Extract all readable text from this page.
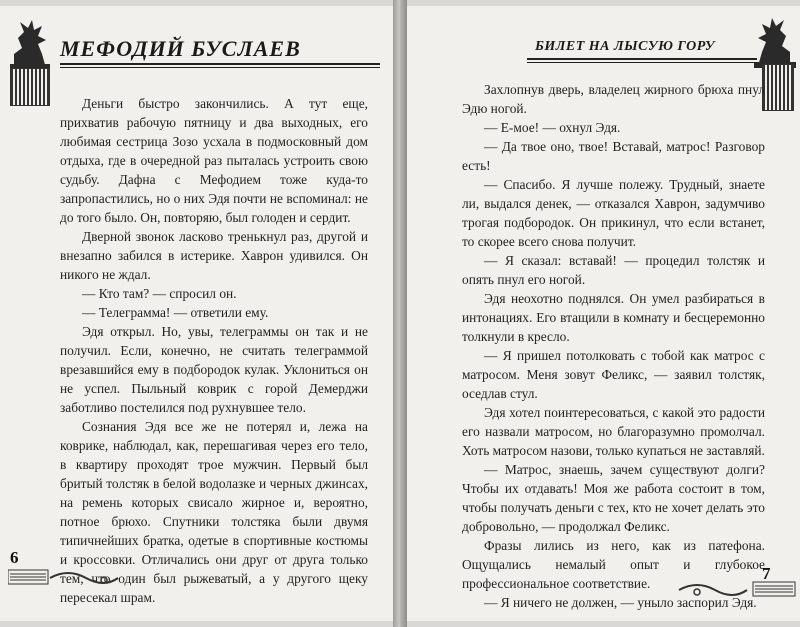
МЕФОДИЙ БУСЛАЕВ

Деньги быстро закончились. А тут еще, прихватив рабочую пятницу и два выходных, его любимая сестрица Зозо усхала в подмосковный дом отдыха, где в очередной раз пыталась устроить свою судьбу. Дафна с Мефодием тоже куда-то запропастились, но о них Эдя почти не вспоминал: не до того было. Он, повторяю, был голоден и сердит.

Дверной звонок ласково тренькнул раз, другой и внезапно забился в истерике. Хаврон удивился. Он никого не ждал.

— Кто там? — спросил он.

— Телеграмма! — ответили ему.

Эдя открыл. Но, увы, телеграммы он так и не получил. Если, конечно, не считать телеграммой врезавшийся ему в подбородок кулак. Уклониться он не успел. Пыльный коврик с горой Демерджи заботливо постелился под рухнувшее тело.

Сознания Эдя все же не потерял и, лежа на коврике, наблюдал, как, перешагивая через его тело, в квартиру проходят трое мужчин. Первый был бритый толстяк в белой водолазке и черных джинсах, на ремень которых свисало жирное и, вероятно, потное брюхо. Спутники толстяка были двумя типичнейших братка, одетые в спортивные костюмы и кроссовки. Отличались они друг от друга только тем, что один был рыжеватый, а у другого щеку пересекал шрам.

6
БИЛЕТ НА ЛЫСУЮ ГОРУ

Захлопнув дверь, владелец жирного брюха пнул Эдю ногой.

— Е-мое! — охнул Эдя.

— Да твое оно, твое! Вставай, матрос! Разговор есть!

— Спасибо. Я лучше полежу. Трудный, знаете ли, выдался денек, — отказался Хаврон, задумчиво трогая подбородок. Он прикинул, что если встанет, то скорее всего снова получит.

— Я сказал: вставай! — процедил толстяк и опять пнул его ногой.

Эдя неохотно поднялся. Он умел разбираться в интонациях. Его втащили в комнату и бесцеремонно толкнули в кресло.

— Я пришел потолковать с тобой как матрос с матросом. Меня зовут Феликс, — заявил толстяк, оседлав стул.

Эдя хотел поинтересоваться, с какой это радости его назвали матросом, но благоразумно промолчал. Хоть матросом назови, только купаться не заставляй.

— Матрос, знаешь, зачем существуют долги? Чтобы их отдавать! Моя же работа состоит в том, чтобы получать деньги с тех, кто не хочет делать это добровольно, — продолжал Феликс.

Фразы лились из него, как из патефона. Ощущались немалый опыт и глубокое профессиональное соответствие.

— Я ничего не должен, — уныло заспорил Эдя.

7
